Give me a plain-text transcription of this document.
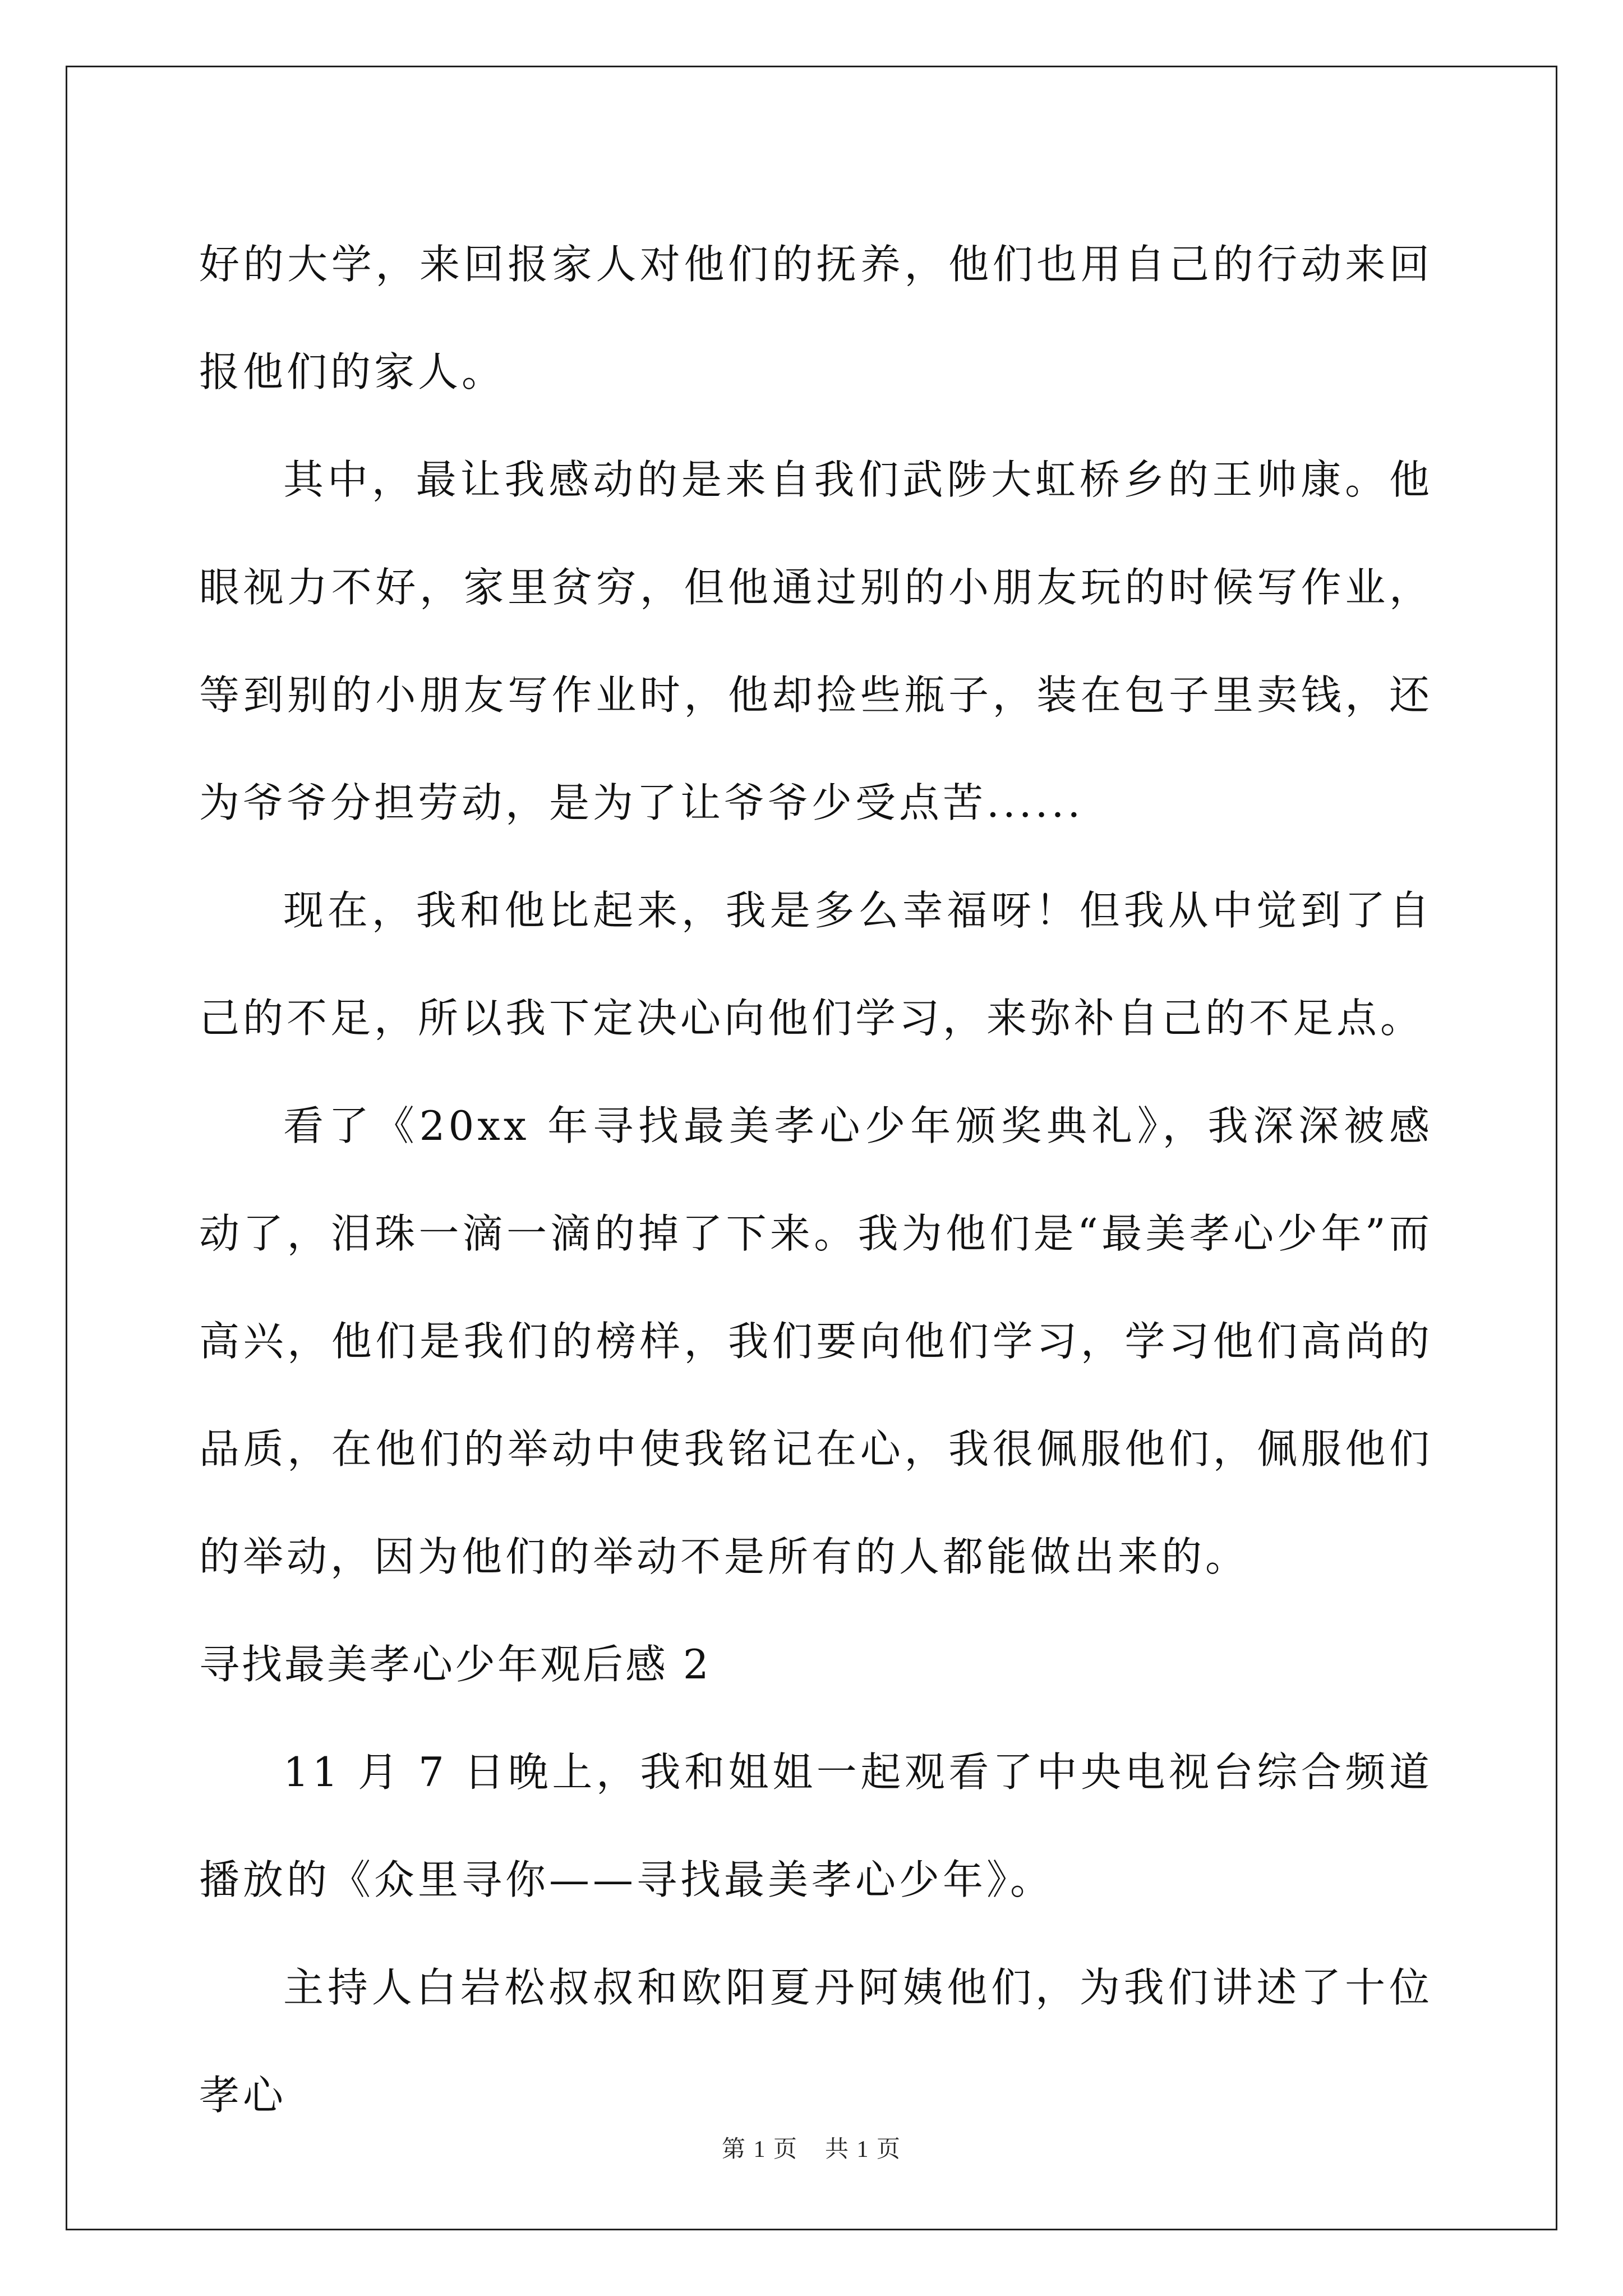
好的大学，来回报家人对他们的抚养，他们也用自己的行动来回报他们的家人。

其中，最让我感动的是来自我们武陟大虹桥乡的王帅康。他眼视力不好，家里贫穷，但他通过别的小朋友玩的时候写作业，等到别的小朋友写作业时，他却捡些瓶子，装在包子里卖钱，还为爷爷分担劳动，是为了让爷爷少受点苦......

现在，我和他比起来，我是多么幸福呀！但我从中觉到了自己的不足，所以我下定决心向他们学习，来弥补自己的不足点。

看了《20xx 年寻找最美孝心少年颁奖典礼》，我深深被感动了，泪珠一滴一滴的掉了下来。我为他们是“最美孝心少年”而高兴，他们是我们的榜样，我们要向他们学习，学习他们高尚的品质，在他们的举动中使我铭记在心，我很佩服他们，佩服他们的举动，因为他们的举动不是所有的人都能做出来的。

寻找最美孝心少年观后感 2

11 月 7 日晚上，我和姐姐一起观看了中央电视台综合频道播放的《众里寻你——寻找最美孝心少年》。

主持人白岩松叔叔和欧阳夏丹阿姨他们，为我们讲述了十位孝心

第 1 页 共 1 页
